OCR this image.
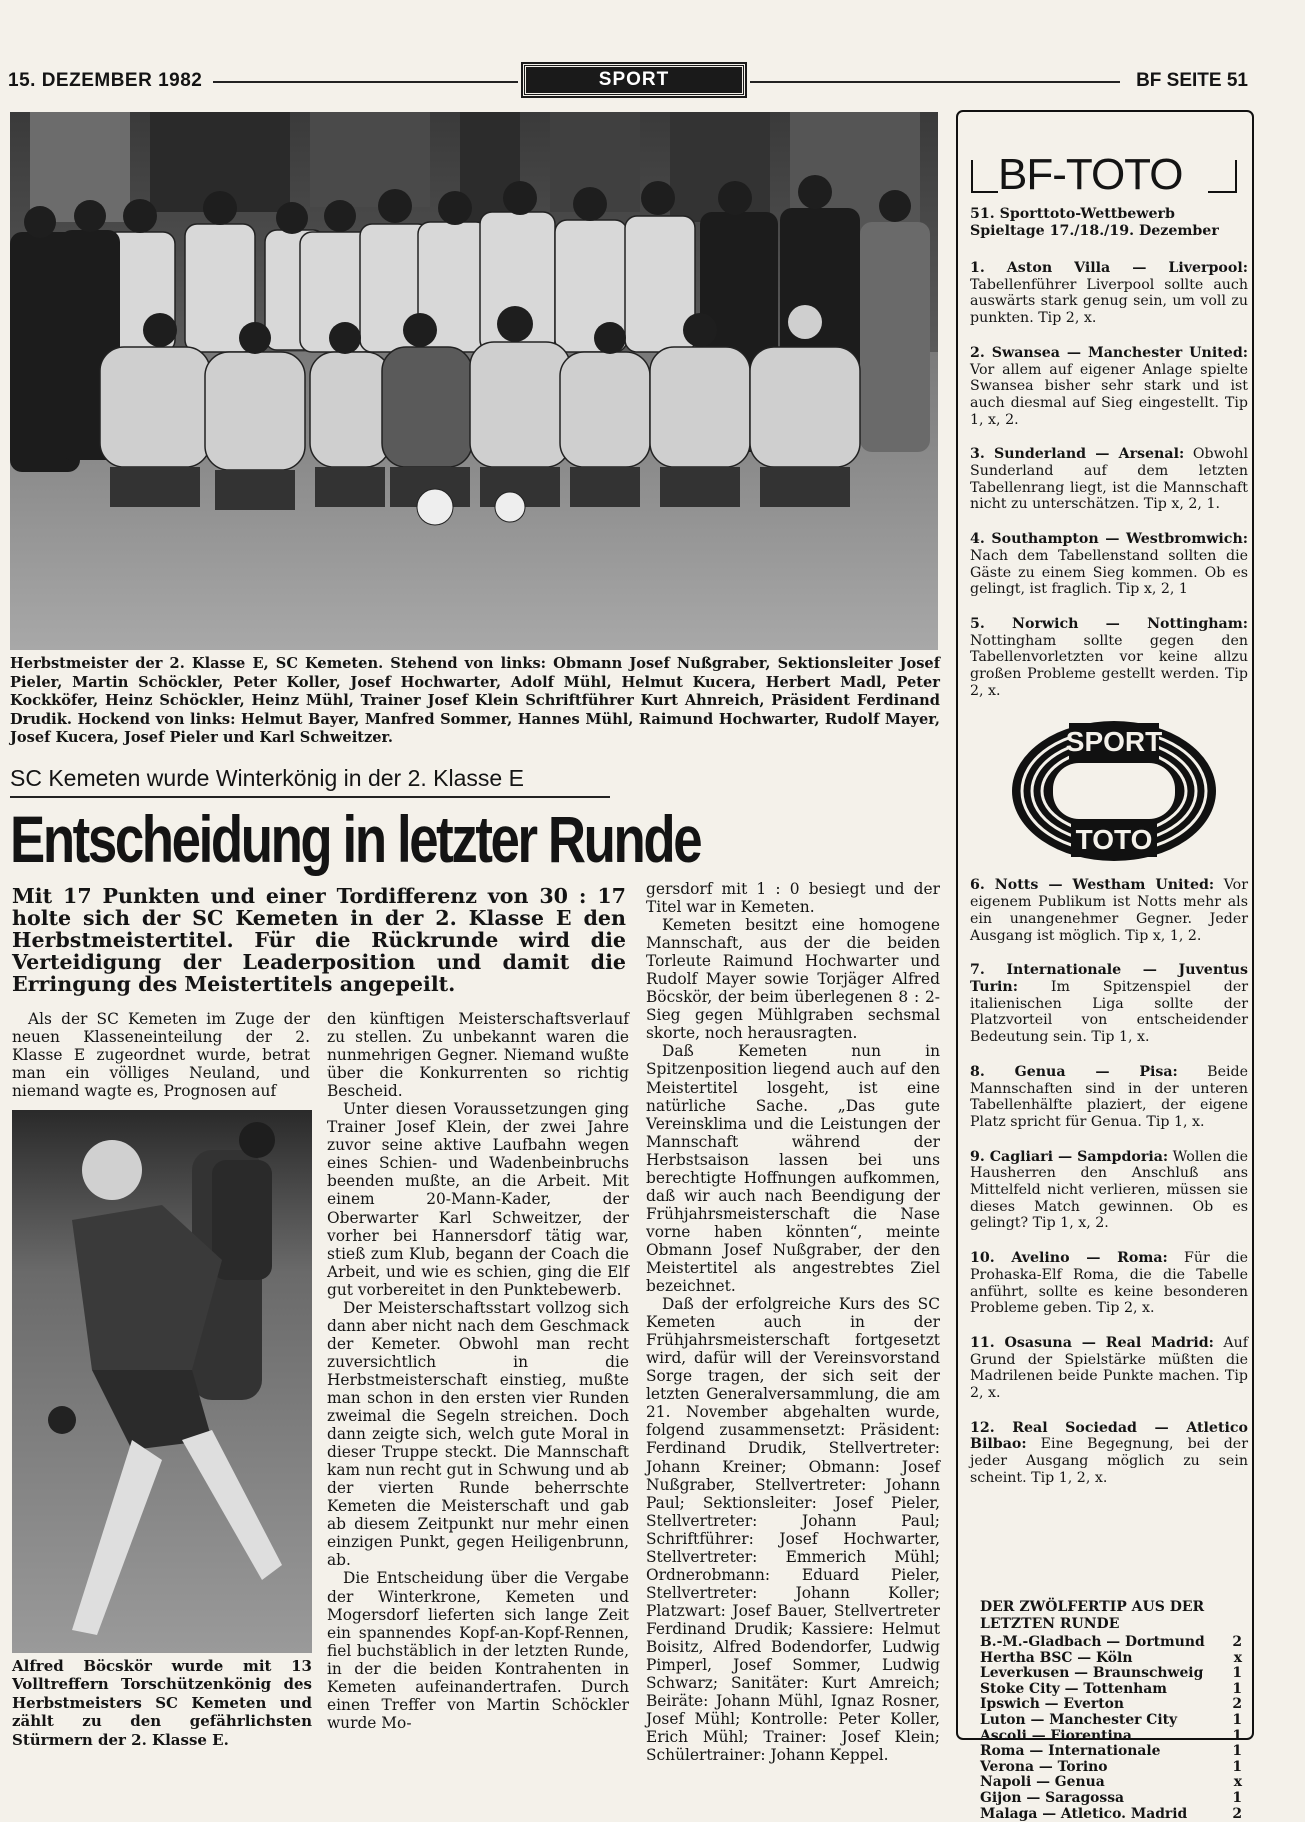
15. DEZEMBER 1982	SPORT	BF SEITE 51
Herbstmeister der 2. Klasse E, SC Kemeten. Stehend von links: Obmann Josef Nußgraber, Sektionsleiter Josef Pieler, Martin Schöckler, Peter Koller, Josef Hochwarter, Adolf Mühl, Helmut Kucera, Herbert Madl, Peter Kockköfer, Heinz Schöckler, Heinz Mühl, Trainer Josef Klein Schriftführer Kurt Ahnreich, Präsident Ferdinand Drudik. Hockend von links: Helmut Bayer, Manfred Sommer, Hannes Mühl, Raimund Hochwarter, Rudolf Mayer, Josef Kucera, Josef Pieler und Karl Schweitzer.
SC Kemeten wurde Winterkönig in der 2. Klasse E
Entscheidung in letzter Runde
Mit 17 Punkten und einer Tordifferenz von 30 : 17 holte sich der SC Kemeten in der 2. Klasse E den Herbstmeistertitel. Für die Rückrunde wird die Verteidigung der Leaderposition und damit die Erringung des Meistertitels angepeilt.

Als der SC Kemeten im Zuge der neuen Klasseneinteilung der 2. Klasse E zugeordnet wurde, betrat man ein völliges Neuland, und niemand wagte es, Prognosen auf

Alfred Böcskör wurde mit 13 Volltreffern Torschützenkönig des Herbstmeisters SC Kemeten und zählt zu den gefährlichsten Stürmern der 2. Klasse E.

den künftigen Meisterschaftsverlauf zu stellen. Zu unbekannt waren die nunmehrigen Gegner. Niemand wußte über die Konkurrenten so richtig Bescheid.

Unter diesen Voraussetzungen ging Trainer Josef Klein, der zwei Jahre zuvor seine aktive Laufbahn wegen eines Schien- und Wadenbeinbruchs beenden mußte, an die Arbeit. Mit einem 20-Mann-Kader, der Oberwarter Karl Schweitzer, der vorher bei Hannersdorf tätig war, stieß zum Klub, begann der Coach die Arbeit, und wie es schien, ging die Elf gut vorbereitet in den Punktebewerb.

Der Meisterschaftsstart vollzog sich dann aber nicht nach dem Geschmack der Kemeter. Obwohl man recht zuversichtlich in die Herbstmeisterschaft einstieg, mußte man schon in den ersten vier Runden zweimal die Segeln streichen. Doch dann zeigte sich, welch gute Moral in dieser Truppe steckt. Die Mannschaft kam nun recht gut in Schwung und ab der vierten Runde beherrschte Kemeten die Meisterschaft und gab ab diesem Zeitpunkt nur mehr einen einzigen Punkt, gegen Heiligenbrunn, ab.

Die Entscheidung über die Vergabe der Winterkrone, Kemeten und Mogersdorf lieferten sich lange Zeit ein spannendes Kopf-an-Kopf-Rennen, fiel buchstäblich in der letzten Runde, in der die beiden Kontrahenten in Kemeten aufeinandertrafen. Durch einen Treffer von Martin Schöckler wurde Mo-

gersdorf mit 1 : 0 besiegt und der Titel war in Kemeten.

Kemeten besitzt eine homogene Mannschaft, aus der die beiden Torleute Raimund Hochwarter und Rudolf Mayer sowie Torjäger Alfred Böcskör, der beim überlegenen 8 : 2-Sieg gegen Mühlgraben sechsmal skorte, noch herausragten.

Daß Kemeten nun in Spitzenposition liegend auch auf den Meistertitel losgeht, ist eine natürliche Sache. „Das gute Vereinsklima und die Leistungen der Mannschaft während der Herbstsaison lassen bei uns berechtigte Hoffnungen aufkommen, daß wir auch nach Beendigung der Frühjahrsmeisterschaft die Nase vorne haben könnten“, meinte Obmann Josef Nußgraber, der den Meistertitel als angestrebtes Ziel bezeichnet.

Daß der erfolgreiche Kurs des SC Kemeten auch in der Frühjahrsmeisterschaft fortgesetzt wird, dafür will der Vereinsvorstand Sorge tragen, der sich seit der letzten Generalversammlung, die am 21. November abgehalten wurde, folgend zusammensetzt: Präsident: Ferdinand Drudik, Stellvertreter: Johann Kreiner; Obmann: Josef Nußgraber, Stellvertreter: Johann Paul; Sektionsleiter: Josef Pieler, Stellvertreter: Johann Paul; Schriftführer: Josef Hochwarter, Stellvertreter: Emmerich Mühl; Ordnerobmann: Eduard Pieler, Stellvertreter: Johann Koller; Platzwart: Josef Bauer, Stellvertreter Ferdinand Drudik; Kassiere: Helmut Boisitz, Alfred Bodendorfer, Ludwig Pimperl, Josef Sommer, Ludwig Schwarz; Sanitäter: Kurt Amreich; Beiräte: Johann Mühl, Ignaz Rosner, Josef Mühl; Kontrolle: Peter Koller, Erich Mühl; Trainer: Josef Klein; Schülertrainer: Johann Keppel.

BF-TOTO
51. Sporttoto-Wettbewerb Spieltage 17./18./19. Dezember
1. Aston Villa — Liverpool: Tabellenführer Liverpool sollte auch auswärts stark genug sein, um voll zu punkten. Tip 2, x.
2. Swansea — Manchester United: Vor allem auf eigener Anlage spielte Swansea bisher sehr stark und ist auch diesmal auf Sieg eingestellt. Tip 1, x, 2.
3. Sunderland — Arsenal: Obwohl Sunderland auf dem letzten Tabellenrang liegt, ist die Mannschaft nicht zu unterschätzen. Tip x, 2, 1.
4. Southampton — Westbromwich: Nach dem Tabellenstand sollten die Gäste zu einem Sieg kommen. Ob es gelingt, ist fraglich. Tip x, 2, 1
5. Norwich — Nottingham: Nottingham sollte gegen den Tabellenvorletzten vor keine allzu großen Probleme gestellt werden. Tip 2, x.
SPORT
TOTO
6. Notts — Westham United: Vor eigenem Publikum ist Notts mehr als ein unangenehmer Gegner. Jeder Ausgang ist möglich. Tip x, 1, 2.
7. Internationale — Juventus Turin: Im Spitzenspiel der italienischen Liga sollte der Platzvorteil von entscheidender Bedeutung sein. Tip 1, x.
8. Genua — Pisa: Beide Mannschaften sind in der unteren Tabellenhälfte plaziert, der eigene Platz spricht für Genua. Tip 1, x.
9. Cagliari — Sampdoria: Wollen die Hausherren den Anschluß ans Mittelfeld nicht verlieren, müssen sie dieses Match gewinnen. Ob es gelingt? Tip 1, x, 2.
10. Avelino — Roma: Für die Prohaska-Elf Roma, die die Tabelle anführt, sollte es keine besonderen Probleme geben. Tip 2, x.
11. Osasuna — Real Madrid: Auf Grund der Spielstärke müßten die Madrilenen beide Punkte machen. Tip 2, x.
12. Real Sociedad — Atletico Bilbao: Eine Begegnung, bei der jeder Ausgang möglich zu sein scheint. Tip 1, 2, x.
DER ZWÖLFERTIP AUS DER LETZTEN RUNDE
B.-M.-Gladbach — Dortmund 2
Hertha BSC — Köln	x
Leverkusen — Braunschweig 1
Stoke City — Tottenham	1
Ipswich — Everton	2
Luton — Manchester City	1
Ascoli — Fiorentina	1
Roma — Internationale	1
Verona — Torino	1
Napoli — Genua	x
Gijon — Saragossa	1
Malaga — Atletico. Madrid	2
